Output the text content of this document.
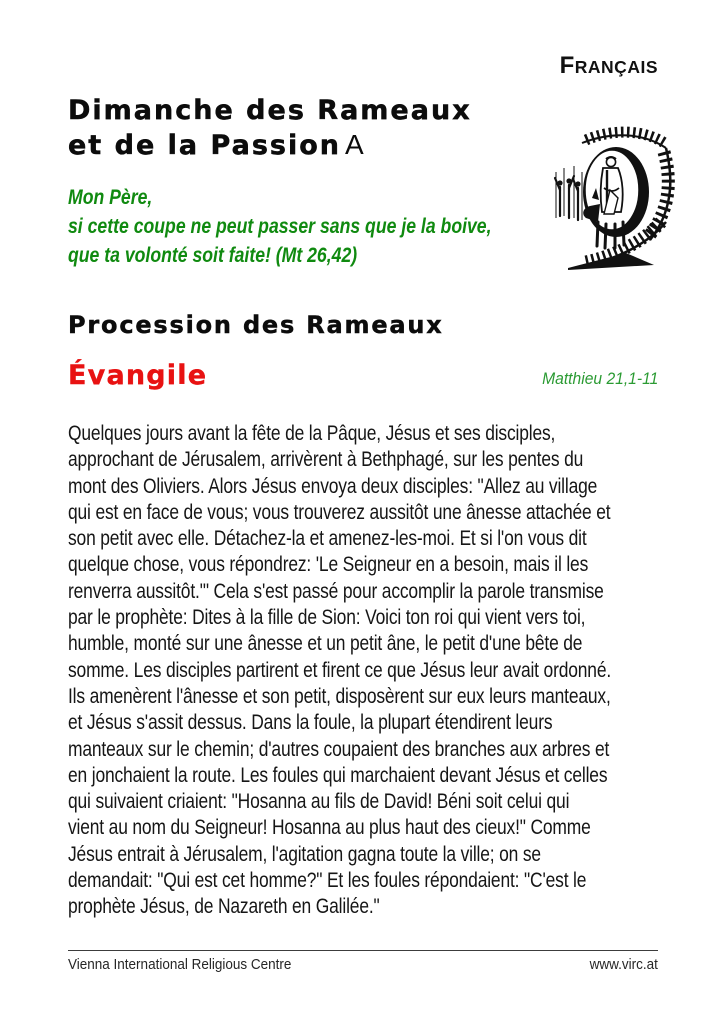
FRANÇAIS
Dimanche des Rameaux
et de la Passion A
Mon Père,
si cette coupe ne peut passer sans que je la boive,
que ta volonté soit faite! (Mt 26,42)
Procession des Rameaux
Évangile	Matthieu 21,1-11
Quelques jours avant la fête de la Pâque, Jésus et ses disciples,
approchant de Jérusalem, arrivèrent à Bethphagé, sur les pentes du
mont des Oliviers. Alors Jésus envoya deux disciples: "Allez au village
qui est en face de vous; vous trouverez aussitôt une ânesse attachée et
son petit avec elle. Détachez-la et amenez-les-moi. Et si l'on vous dit
quelque chose, vous répondrez: 'Le Seigneur en a besoin, mais il les
renverra aussitôt.'" Cela s'est passé pour accomplir la parole transmise
par le prophète: Dites à la fille de Sion: Voici ton roi qui vient vers toi,
humble, monté sur une ânesse et un petit âne, le petit d'une bête de
somme. Les disciples partirent et firent ce que Jésus leur avait ordonné.
Ils amenèrent l'ânesse et son petit, disposèrent sur eux leurs manteaux,
et Jésus s'assit dessus. Dans la foule, la plupart étendirent leurs
manteaux sur le chemin; d'autres coupaient des branches aux arbres et
en jonchaient la route. Les foules qui marchaient devant Jésus et celles
qui suivaient criaient: "Hosanna au fils de David! Béni soit celui qui
vient au nom du Seigneur! Hosanna au plus haut des cieux!" Comme
Jésus entrait à Jérusalem, l'agitation gagna toute la ville; on se
demandait: "Qui est cet homme?" Et les foules répondaient: "C'est le
prophète Jésus, de Nazareth en Galilée."
Vienna International Religious Centre	www.virc.at
